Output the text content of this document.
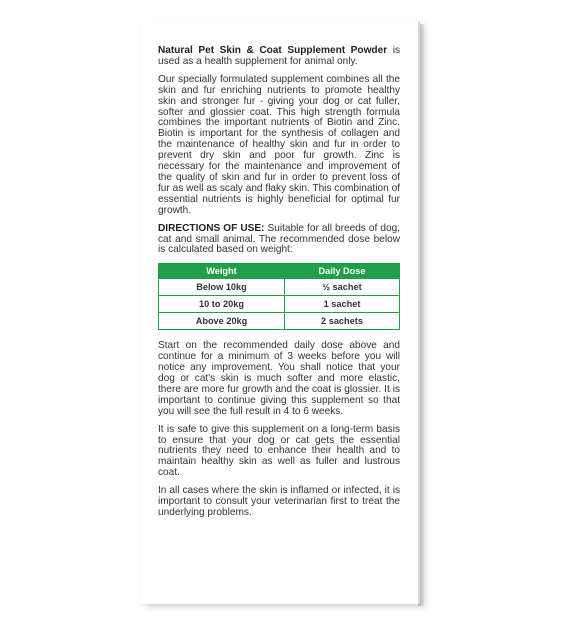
Natural Pet Skin & Coat Supplement Powder is used as a health supplement for animal only.

Our specially formulated supplement combines all the skin and fur enriching nutrients to promote healthy skin and stronger fur - giving your dog or cat fuller, softer and glossier coat. This high strength formula combines the important nutrients of Biotin and Zinc. Biotin is important for the synthesis of collagen and the maintenance of healthy skin and fur in order to prevent dry skin and poor fur growth. Zinc is necessary for the maintenance and improvement of the quality of skin and fur in order to prevent loss of fur as well as scaly and flaky skin. This combination of essential nutrients is highly beneficial for optimal fur growth.

DIRECTIONS OF USE: Suitable for all breeds of dog, cat and small animal. The recommended dose below is calculated based on weight:

Weight	Daily Dose
Below 10kg	½ sachet
10 to 20kg	1 sachet
Above 20kg	2 sachets

Start on the recommended daily dose above and continue for a minimum of 3 weeks before you will notice any improvement. You shall notice that your dog or cat's skin is much softer and more elastic, there are more fur growth and the coat is glossier. It is important to continue giving this supplement so that you will see the full result in 4 to 6 weeks.

It is safe to give this supplement on a long-term basis to ensure that your dog or cat gets the essential nutrients they need to enhance their health and to maintain healthy skin as well as fuller and lustrous coat.

In all cases where the skin is inflamed or infected, it is important to consult your veterinarian first to treat the underlying problems.
